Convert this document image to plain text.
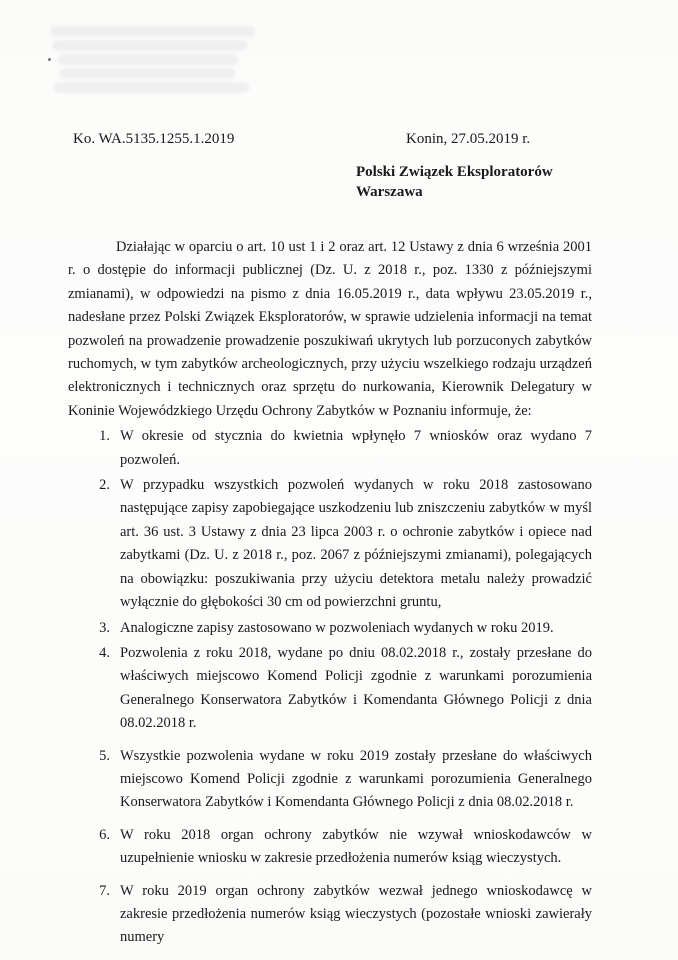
Ko. WA.5135.1255.1.2019	Konin, 27.05.2019 r.
Polski Związek Eksploratorów
Warszawa

Działając w oparciu o art. 10 ust 1 i 2 oraz art. 12 Ustawy z dnia 6 września 2001 r. o dostępie do informacji publicznej (Dz. U. z 2018 r., poz. 1330 z późniejszymi zmianami), w odpowiedzi na pismo z dnia 16.05.2019 r., data wpływu 23.05.2019 r., nadesłane przez Polski Związek Eksploratorów, w sprawie udzielenia informacji na temat pozwoleń na prowadzenie prowadzenie poszukiwań ukrytych lub porzuconych zabytków ruchomych, w tym zabytków archeologicznych, przy użyciu wszelkiego rodzaju urządzeń elektronicznych i technicznych oraz sprzętu do nurkowania, Kierownik Delegatury w Koninie Wojewódzkiego Urzędu Ochrony Zabytków w Poznaniu informuje, że:

1. W okresie od stycznia do kwietnia wpłynęło 7 wniosków oraz wydano 7 pozwoleń.
2. W przypadku wszystkich pozwoleń wydanych w roku 2018 zastosowano następujące zapisy zapobiegające uszkodzeniu lub zniszczeniu zabytków w myśl art. 36 ust. 3 Ustawy z dnia 23 lipca 2003 r. o ochronie zabytków i opiece nad zabytkami (Dz. U. z 2018 r., poz. 2067 z późniejszymi zmianami), polegających na obowiązku: poszukiwania przy użyciu detektora metalu należy prowadzić wyłącznie do głębokości 30 cm od powierzchni gruntu,
3. Analogiczne zapisy zastosowano w pozwoleniach wydanych w roku 2019.
4. Pozwolenia z roku 2018, wydane po dniu 08.02.2018 r., zostały przesłane do właściwych miejscowo Komend Policji zgodnie z warunkami porozumienia Generalnego Konserwatora Zabytków i Komendanta Głównego Policji z dnia 08.02.2018 r.
5. Wszystkie pozwolenia wydane w roku 2019 zostały przesłane do właściwych miejscowo Komend Policji zgodnie z warunkami porozumienia Generalnego Konserwatora Zabytków i Komendanta Głównego Policji z dnia 08.02.2018 r.
6. W roku 2018 organ ochrony zabytków nie wzywał wnioskodawców w uzupełnienie wniosku w zakresie przedłożenia numerów ksiąg wieczystych.
7. W roku 2019 organ ochrony zabytków wezwał jednego wnioskodawcę w zakresie przedłożenia numerów ksiąg wieczystych (pozostałe wnioski zawierały numery
